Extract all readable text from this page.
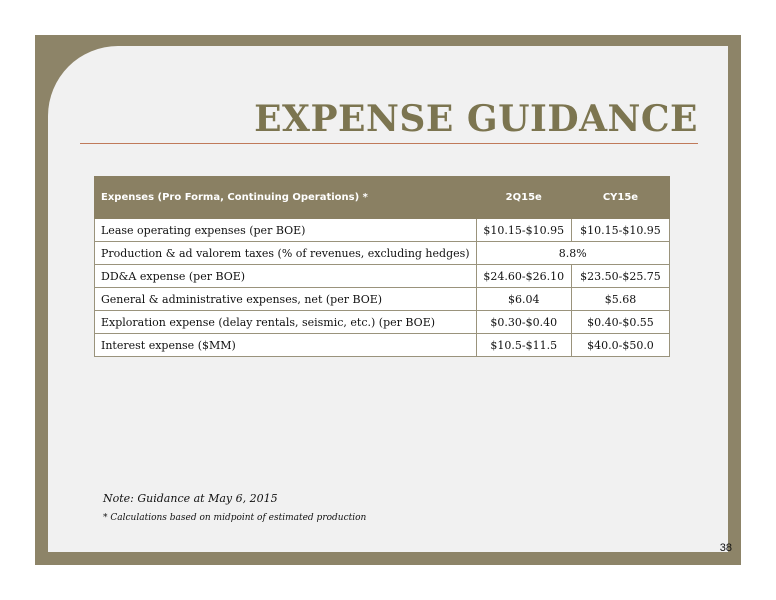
EXPENSE GUIDANCE
Expenses (Pro Forma, Continuing Operations) *	2Q15e	CY15e
Lease operating expenses (per BOE)	$10.15-$10.95	$10.15-$10.95
Production & ad valorem taxes (% of revenues, excluding hedges)	8.8%	
DD&A expense (per BOE)	$24.60-$26.10	$23.50-$25.75
General & administrative expenses, net (per BOE)	$6.04	$5.68
Exploration expense (delay rentals, seismic, etc.) (per BOE)	$0.30-$0.40	$0.40-$0.55
Interest expense ($MM)	$10.5-$11.5	$40.0-$50.0
Note: Guidance at May 6, 2015
* Calculations based on midpoint of estimated production
38
